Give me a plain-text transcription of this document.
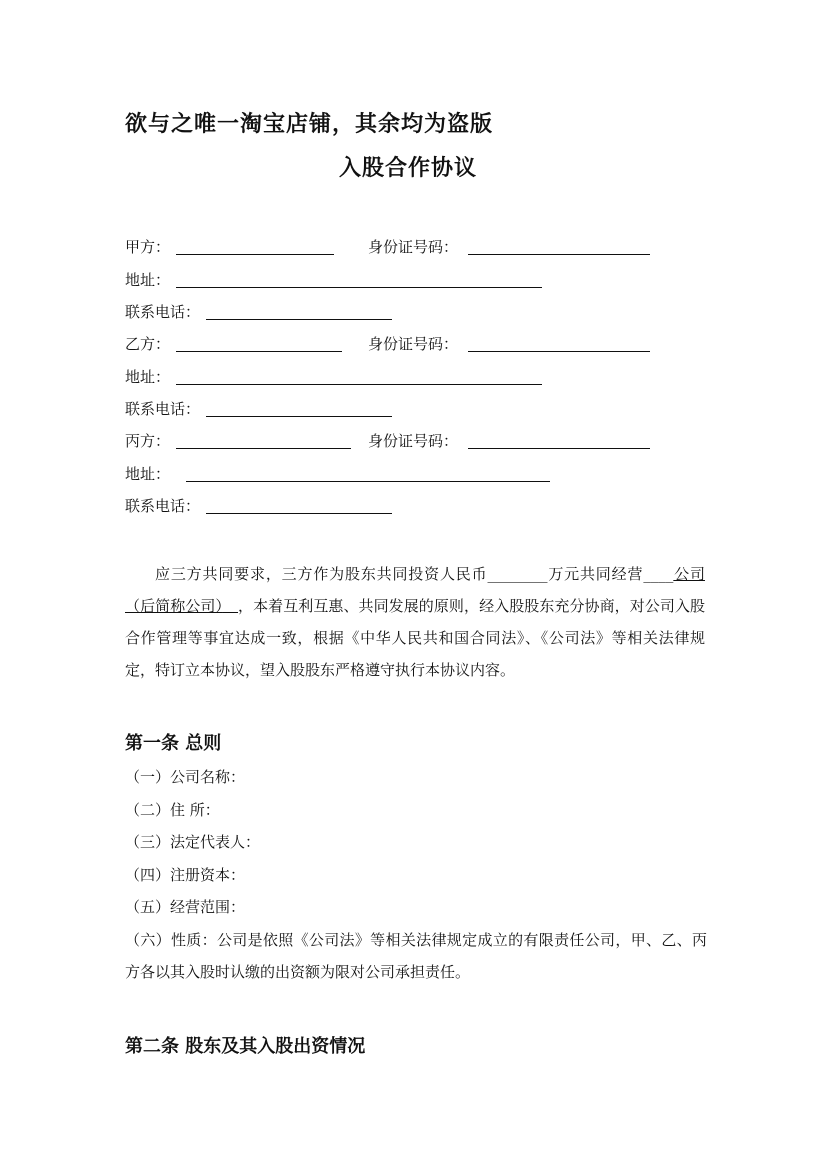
欲与之唯一淘宝店铺，其余均为盗版
入股合作协议
甲方：	身份证号码：
地址：
联系电话：
乙方：	身份证号码：
地址：
联系电话：
丙方：	身份证号码：
地址：
联系电话：

应三方共同要求，三方作为股东共同投资人民币________万元共同经营____公司（后简称公司）　 ，本着互利互惠、共同发展的原则，经入股股东充分协商，对公司入股合作管理等事宜达成一致，根据《中华人民共和国合同法》、《公司法》等相关法律规定，特订立本协议，望入股股东严格遵守执行本协议内容。

第一条 总则
（一）公司名称：
（二）住 所：
（三）法定代表人：
（四）注册资本：
（五）经营范围：
（六）性质：公司是依照《公司法》等相关法律规定成立的有限责任公司，甲、乙、丙方各以其入股时认缴的出资额为限对公司承担责任。
第二条 股东及其入股出资情况
